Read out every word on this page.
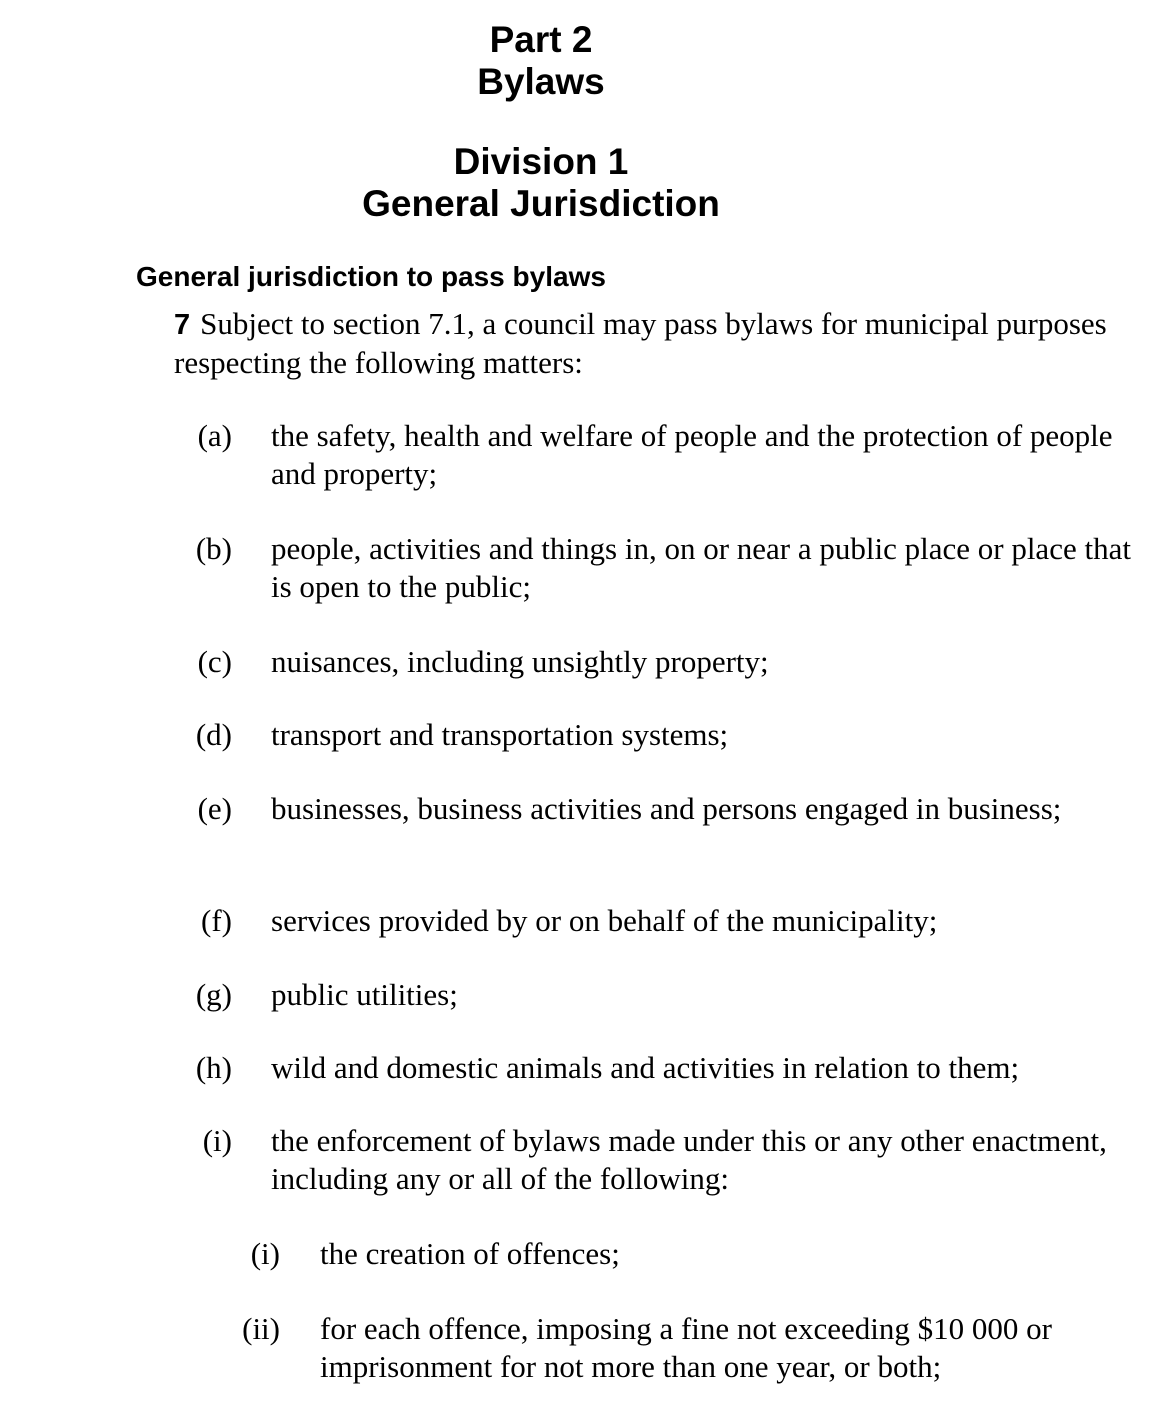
Part 2
Bylaws
Division 1
General Jurisdiction
General jurisdiction to pass bylaws

7 Subject to section 7.1, a council may pass bylaws for municipal purposes respecting the following matters:

(a) the safety, health and welfare of people and the protection of people and property;
(b) people, activities and things in, on or near a public place or place that is open to the public;
(c) nuisances, including unsightly property;
(d) transport and transportation systems;
(e) businesses, business activities and persons engaged in business;
(f) services provided by or on behalf of the municipality;
(g) public utilities;
(h) wild and domestic animals and activities in relation to them;
(i) the enforcement of bylaws made under this or any other enactment, including any or all of the following:
(i) the creation of offences;
(ii) for each offence, imposing a fine not exceeding $10 000 or imprisonment for not more than one year, or both;
